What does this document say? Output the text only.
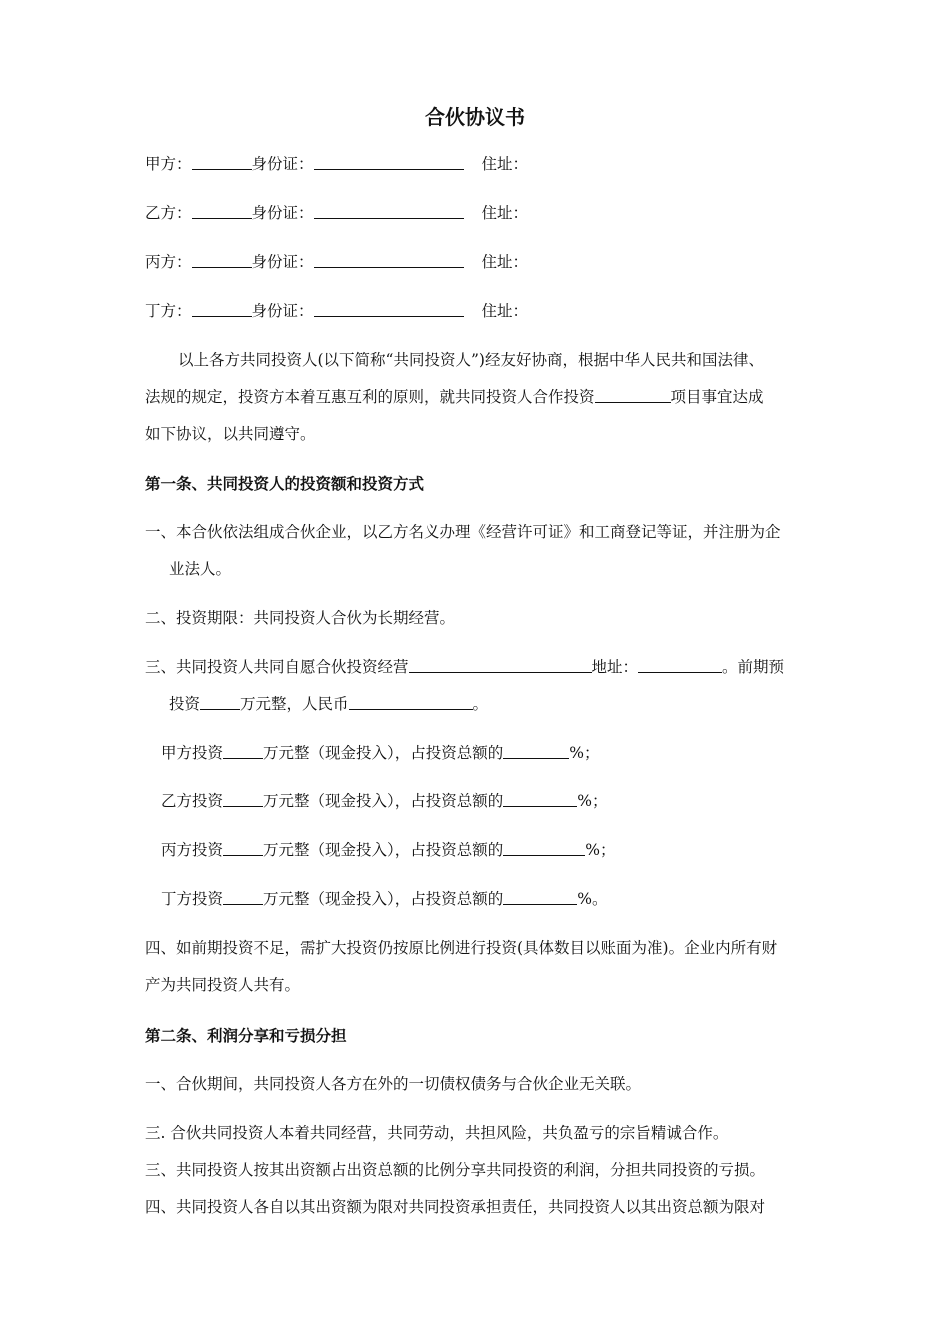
合伙协议书
甲方：	身份证：	住址：
乙方：	身份证：	住址：
丙方：	身份证：	住址：
丁方：	身份证：	住址：
以上各方共同投资人(以下简称“共同投资人”)经友好协商，根据中华人民共和国法律、
法规的规定，投资方本着互惠互利的原则，就共同投资人合作投资	项目事宜达成
如下协议，以共同遵守。
第一条、共同投资人的投资额和投资方式
一、本合伙依法组成合伙企业，以乙方名义办理《经营许可证》和工商登记等证，并注册为企
业法人。
二、投资期限：共同投资人合伙为长期经营。
三、共同投资人共同自愿合伙投资经营	地址：	。前期预
投资	万元整，人民币	。
甲方投资	万元整（现金投入），占投资总额的	%；
乙方投资	万元整（现金投入），占投资总额的	%；
丙方投资	万元整（现金投入），占投资总额的	%；
丁方投资	万元整（现金投入），占投资总额的	%。
四、如前期投资不足，需扩大投资仍按原比例进行投资(具体数目以账面为准)。企业内所有财
产为共同投资人共有。
第二条、利润分享和亏损分担
一、合伙期间，共同投资人各方在外的一切债权债务与合伙企业无关联。
三. 合伙共同投资人本着共同经营，共同劳动，共担风险，共负盈亏的宗旨精诚合作。
三、共同投资人按其出资额占出资总额的比例分享共同投资的利润，分担共同投资的亏损。
四、共同投资人各自以其出资额为限对共同投资承担责任，共同投资人以其出资总额为限对
